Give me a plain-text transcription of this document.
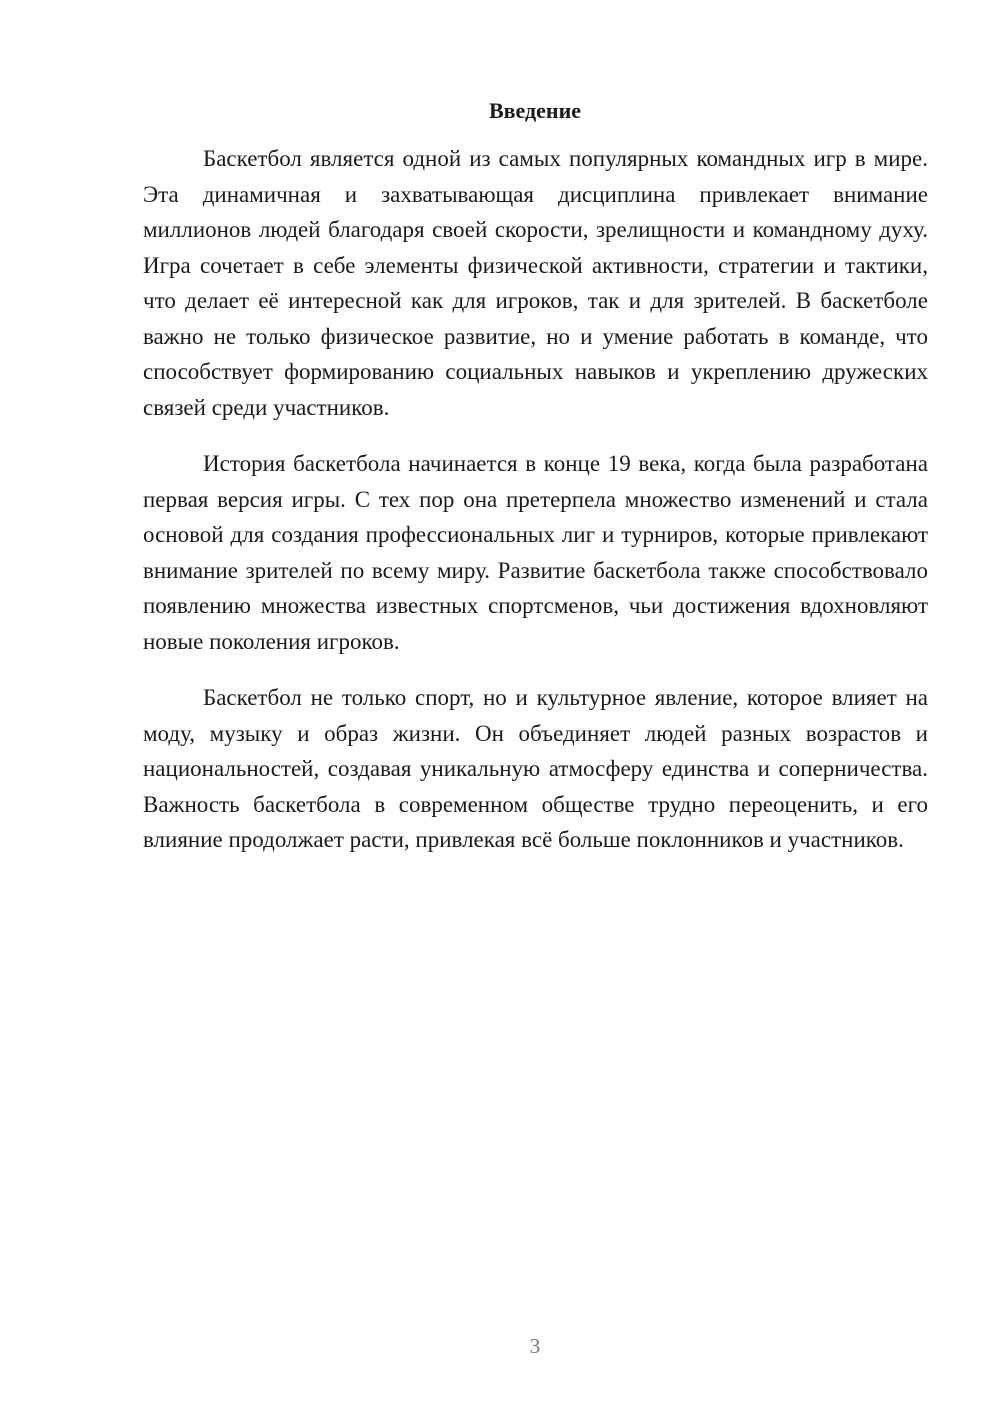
Введение

Баскетбол является одной из самых популярных командных игр в мире. Эта динамичная и захватывающая дисциплина привлекает внимание миллионов людей благодаря своей скорости, зрелищности и командному духу. Игра сочетает в себе элементы физической активности, стратегии и тактики, что делает её интересной как для игроков, так и для зрителей. В баскетболе важно не только физическое развитие, но и умение работать в команде, что способствует формированию социальных навыков и укреплению дружеских связей среди участников.

История баскетбола начинается в конце 19 века, когда была разработана первая версия игры. С тех пор она претерпела множество изменений и стала основой для создания профессиональных лиг и турниров, которые привлекают внимание зрителей по всему миру. Развитие баскетбола также способствовало появлению множества известных спортсменов, чьи достижения вдохновляют новые поколения игроков.

Баскетбол не только спорт, но и культурное явление, которое влияет на моду, музыку и образ жизни. Он объединяет людей разных возрастов и национальностей, создавая уникальную атмосферу единства и соперничества. Важность баскетбола в современном обществе трудно переоценить, и его влияние продолжает расти, привлекая всё больше поклонников и участников.

3
